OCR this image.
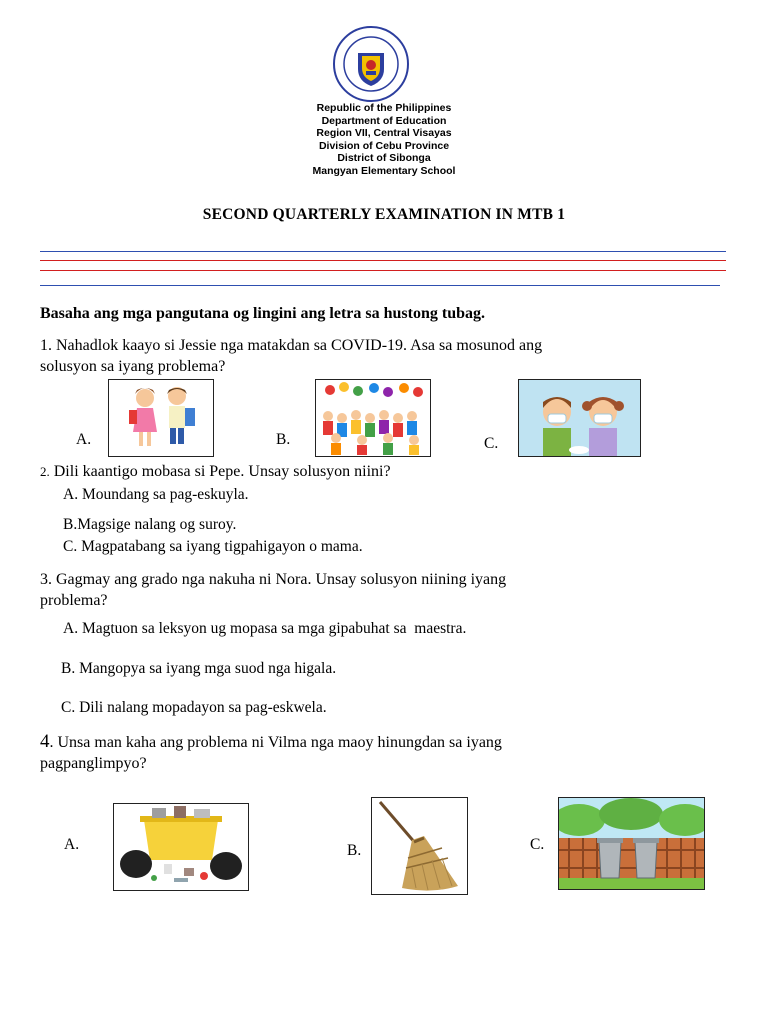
Republic of the Philippines
Department of Education
Region VII, Central Visayas
Division of Cebu Province
District of Sibonga
Mangyan Elementary School
SECOND QUARTERLY EXAMINATION IN MTB 1
Basaha ang mga pangutana og lingini ang letra sa hustong tubag.
1. Nahadlok kaayo si Jessie nga matakdan sa COVID-19. Asa sa mosunod ang
solusyon sa iyang problema?
A.	B.	C.
2. Dili kaantigo mobasa si Pepe. Unsay solusyon niini?
A. Moundang sa pag-eskuyla.
B.Magsige nalang og suroy.
C. Magpatabang sa iyang tigpahigayon o mama.
3. Gagmay ang grado nga nakuha ni Nora. Unsay solusyon niining iyang
problema?
A. Magtuon sa leksyon ug mopasa sa mga gipabuhat sa  maestra.
B. Mangopya sa iyang mga suod nga higala.
C. Dili nalang mopadayon sa pag-eskwela.
4. Unsa man kaha ang problema ni Vilma nga maoy hinungdan sa iyang
pagpanglimpyo?
A.	B.	C.
